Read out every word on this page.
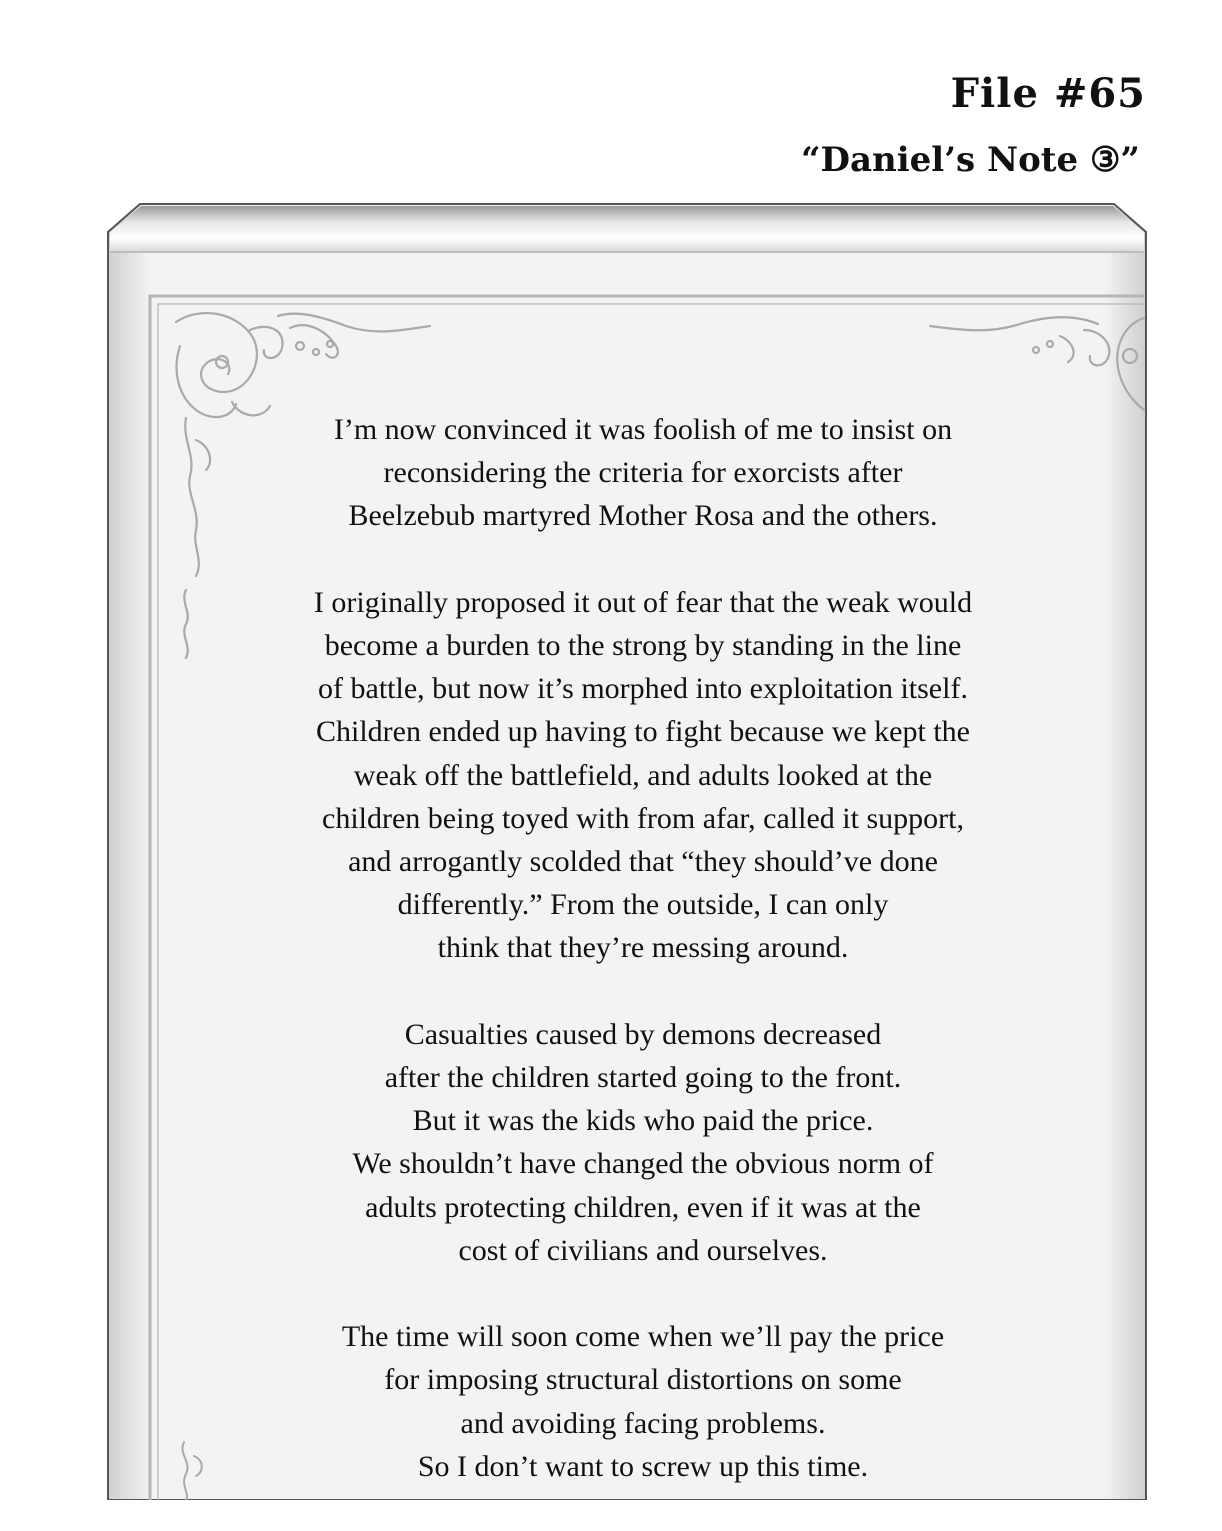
File #65
“Daniel’s Note ③”

I’m now convinced it was foolish of me to insist on
reconsidering the criteria for exorcists after
Beelzebub martyred Mother Rosa and the others.

I originally proposed it out of fear that the weak would
become a burden to the strong by standing in the line
of battle, but now it’s morphed into exploitation itself.
Children ended up having to fight because we kept the
weak off the battlefield, and adults looked at the
children being toyed with from afar, called it support,
and arrogantly scolded that “they should’ve done
differently.” From the outside, I can only
think that they’re messing around.

Casualties caused by demons decreased
after the children started going to the front.
But it was the kids who paid the price.
We shouldn’t have changed the obvious norm of
adults protecting children, even if it was at the
cost of civilians and ourselves.

The time will soon come when we’ll pay the price
for imposing structural distortions on some
and avoiding facing problems.
So I don’t want to screw up this time.
